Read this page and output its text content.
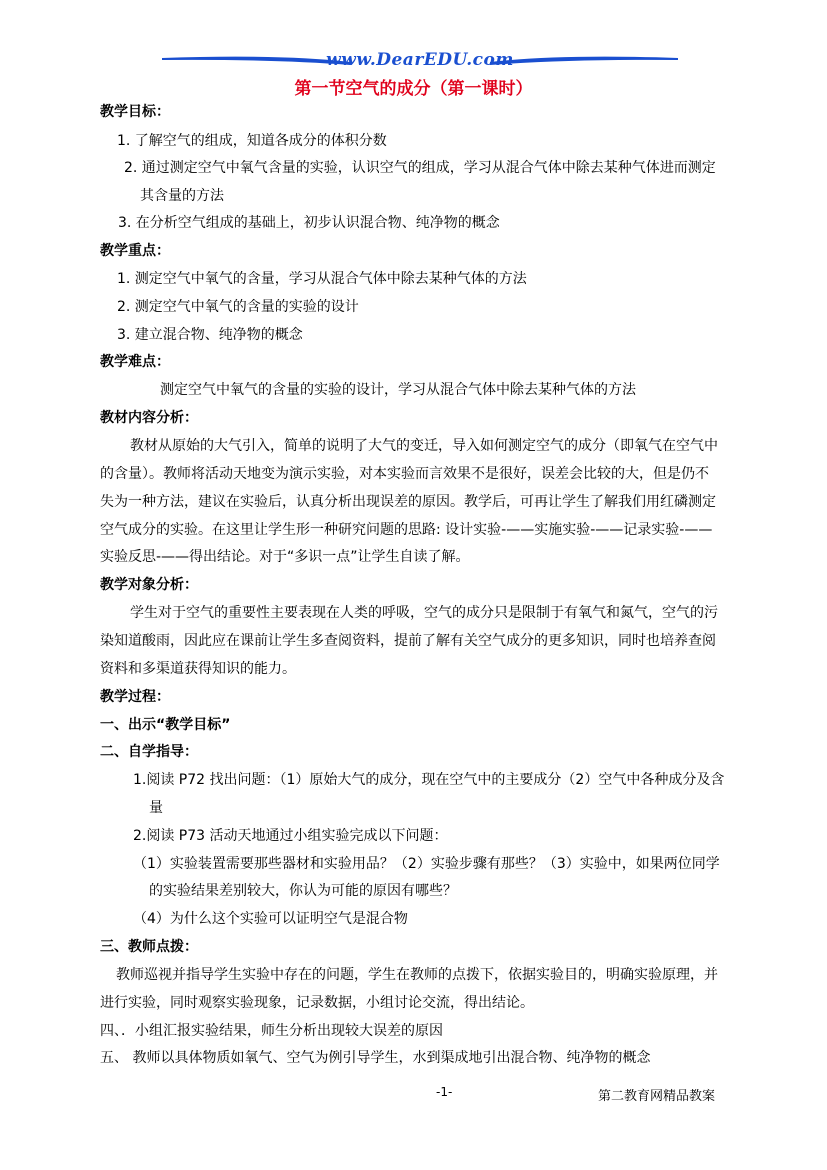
www.DearEDU.com
第一节空气的成分（第一课时）
教学目标：
1. 了解空气的组成，知道各成分的体积分数
2. 通过测定空气中氧气含量的实验，认识空气的组成，学习从混合气体中除去某种气体进而测定
其含量的方法
3. 在分析空气组成的基础上，初步认识混合物、纯净物的概念
教学重点：
1. 测定空气中氧气的含量，学习从混合气体中除去某种气体的方法
2. 测定空气中氧气的含量的实验的设计
3. 建立混合物、纯净物的概念
教学难点：
测定空气中氧气的含量的实验的设计，学习从混合气体中除去某种气体的方法
教材内容分析：
教材从原始的大气引入，简单的说明了大气的变迁，导入如何测定空气的成分（即氧气在空气中
的含量）。教师将活动天地变为演示实验，对本实验而言效果不是很好，误差会比较的大，但是仍不
失为一种方法，建议在实验后，认真分析出现误差的原因。教学后，可再让学生了解我们用红磷测定
空气成分的实验。在这里让学生形一种研究问题的思路: 设计实验-——实施实验-——记录实验-——
实验反思-——得出结论。对于“多识一点”让学生自读了解。
教学对象分析：
学生对于空气的重要性主要表现在人类的呼吸，空气的成分只是限制于有氧气和氮气，空气的污
染知道酸雨，因此应在课前让学生多查阅资料，提前了解有关空气成分的更多知识，同时也培养查阅
资料和多渠道获得知识的能力。
教学过程：
一、出示“教学目标”
二、自学指导：
1.阅读 P72 找出问题：（1）原始大气的成分，现在空气中的主要成分（2）空气中各种成分及含
量
2.阅读 P73 活动天地通过小组实验完成以下问题：
（1）实验装置需要那些器材和实验用品？（2）实验步骤有那些？（3）实验中，如果两位同学
的实验结果差别较大，你认为可能的原因有哪些？
（4）为什么这个实验可以证明空气是混合物
三、教师点拨：
教师巡视并指导学生实验中存在的问题，学生在教师的点拨下，依据实验目的，明确实验原理，并
进行实验，同时观察实验现象，记录数据，小组讨论交流，得出结论。
四、．小组汇报实验结果，师生分析出现较大误差的原因
五、 教师以具体物质如氧气、空气为例引导学生，水到渠成地引出混合物、纯净物的概念
-1-	第二教育网精品教案
